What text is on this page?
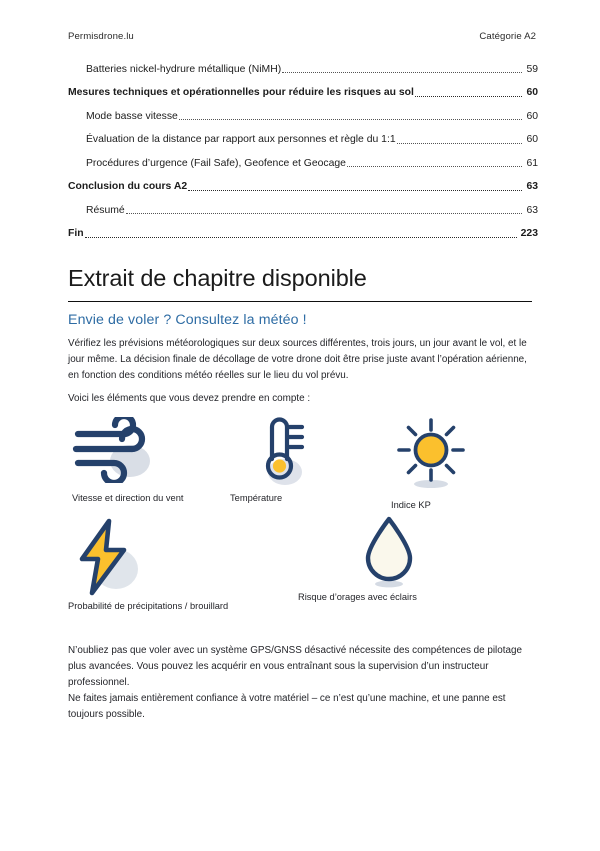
Permisdrone.lu	Catégorie A2
Batteries nickel-hydrure métallique (NiMH)	59
Mesures techniques et opérationnelles pour réduire les risques au sol	60
Mode basse vitesse	60
Évaluation de la distance par rapport aux personnes et règle du 1:1	60
Procédures d’urgence (Fail Safe), Geofence et Geocage	61
Conclusion du cours A2	63
Résumé	63
Fin	223
Extrait de chapitre disponible
Envie de voler ? Consultez la météo !
Vérifiez les prévisions météorologiques sur deux sources différentes, trois jours, un jour avant le vol, et le jour même. La décision finale de décollage de votre drone doit être prise juste avant l’opération aérienne, en fonction des conditions météo réelles sur le lieu du vol prévu.
Voici les éléments que vous devez prendre en compte :
Vitesse et direction du vent	Température
Indice KP
Probabilité de précipitations / brouillard
Risque d’orages avec éclairs

N’oubliez pas que voler avec un système GPS/GNSS désactivé nécessite des compétences de pilotage plus avancées. Vous pouvez les acquérir en vous entraînant sous la supervision d’un instructeur professionnel.

Ne faites jamais entièrement confiance à votre matériel – ce n’est qu’une machine, et une panne est toujours possible.
